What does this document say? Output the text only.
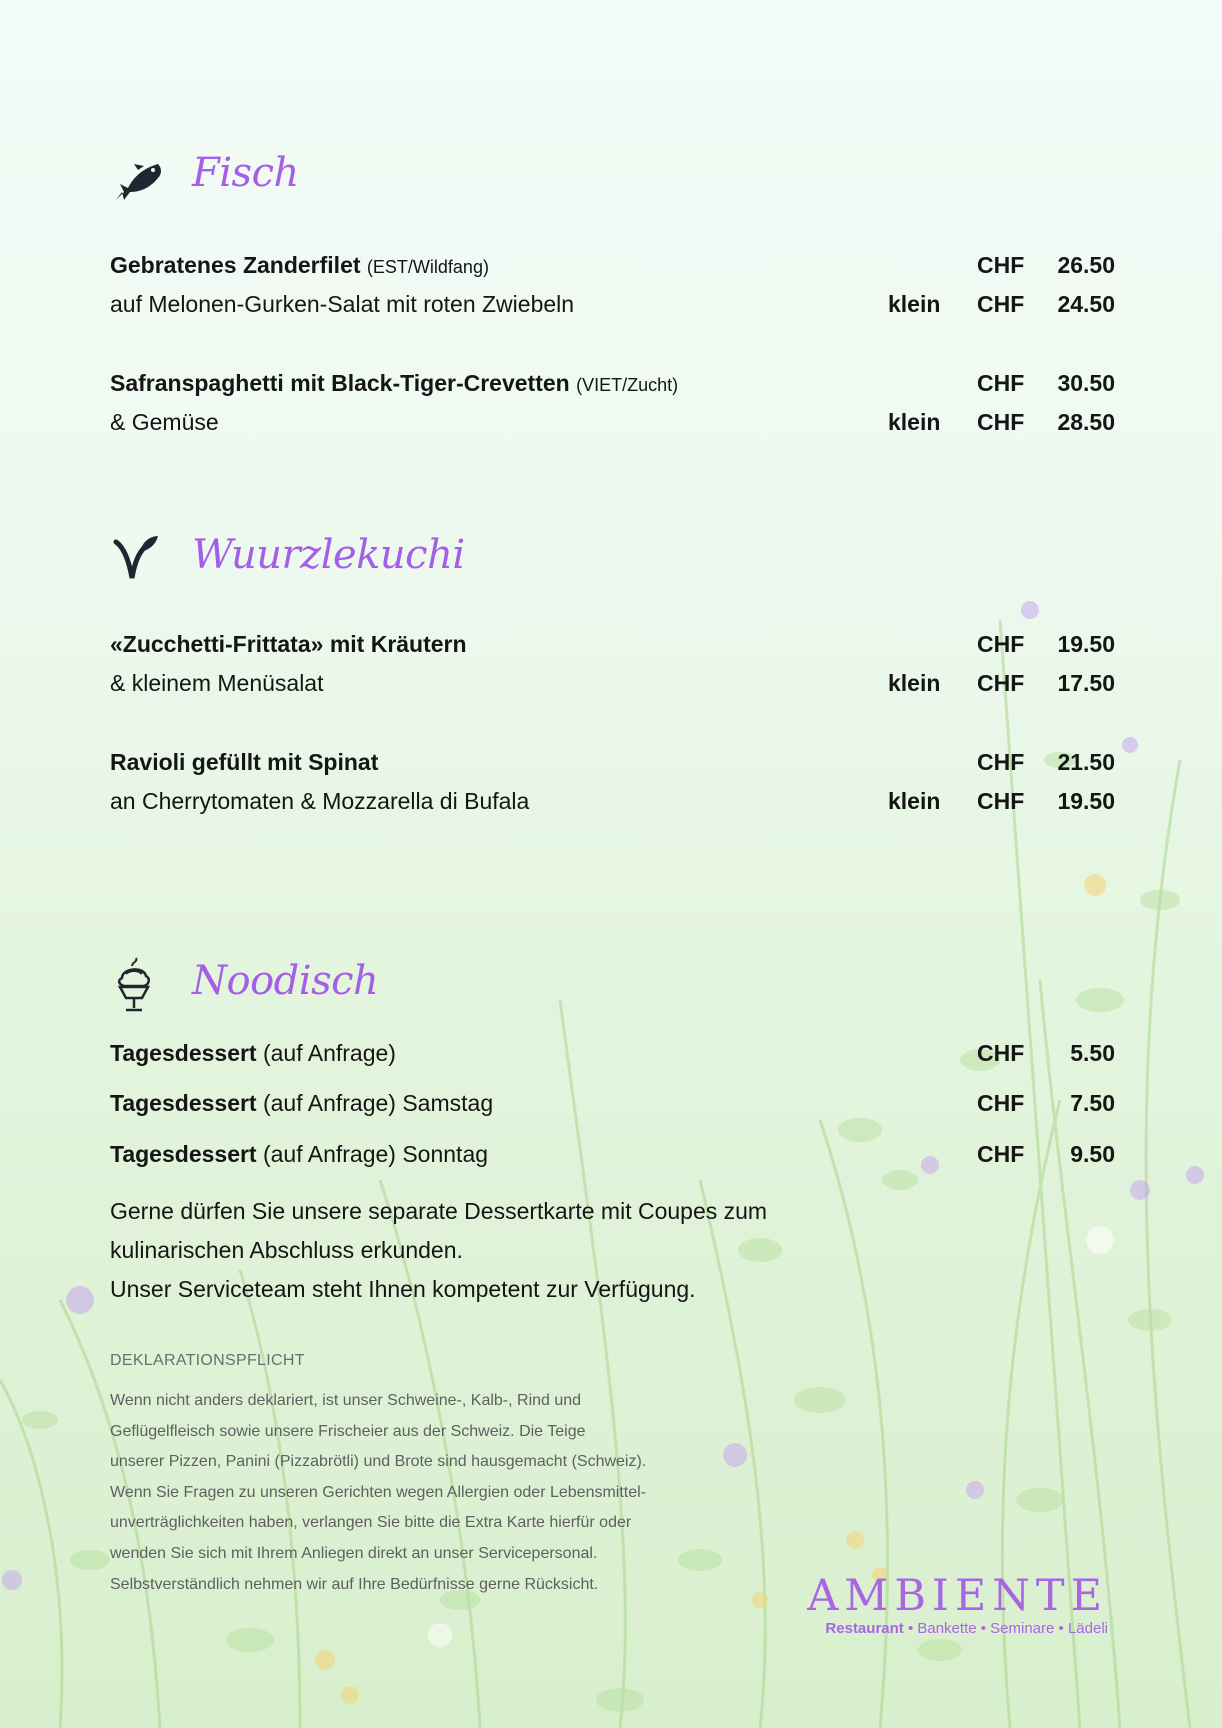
Fisch
Gebratenes Zanderfilet (EST/Wildfang)	CHF	26.50
auf Melonen-Gurken-Salat mit roten Zwiebeln	klein CHF	24.50
Safranspaghetti mit Black-Tiger-Crevetten (VIET/Zucht)	CHF	30.50
& Gemüse	klein CHF	28.50
Wuurzlekuchi
«Zucchetti-Frittata» mit Kräutern	CHF	19.50
& kleinem Menüsalat	klein CHF	17.50
Ravioli gefüllt mit Spinat	CHF	21.50
an Cherrytomaten & Mozzarella di Bufala	klein CHF	19.50
Noodisch
Tagesdessert (auf Anfrage)	CHF	5.50
Tagesdessert (auf Anfrage) Samstag	CHF	7.50
Tagesdessert (auf Anfrage) Sonntag	CHF	9.50
Gerne dürfen Sie unsere separate Dessertkarte mit Coupes zum
kulinarischen Abschluss erkunden.
Unser Serviceteam steht Ihnen kompetent zur Verfügung.
DEKLARATIONSPFLICHT
Wenn nicht anders deklariert, ist unser Schweine-, Kalb-, Rind und
Geflügelfleisch sowie unsere Frischeier aus der Schweiz. Die Teige
unserer Pizzen, Panini (Pizzabrötli) und Brote sind hausgemacht (Schweiz).
Wenn Sie Fragen zu unseren Gerichten wegen Allergien oder Lebensmittel-
unverträglichkeiten haben, verlangen Sie bitte die Extra Karte hierfür oder
wenden Sie sich mit Ihrem Anliegen direkt an unser Servicepersonal.
Selbstverständlich nehmen wir auf Ihre Bedürfnisse gerne Rücksicht.	AMBIENTE
Restaurant • Bankette • Seminare • Lädeli
